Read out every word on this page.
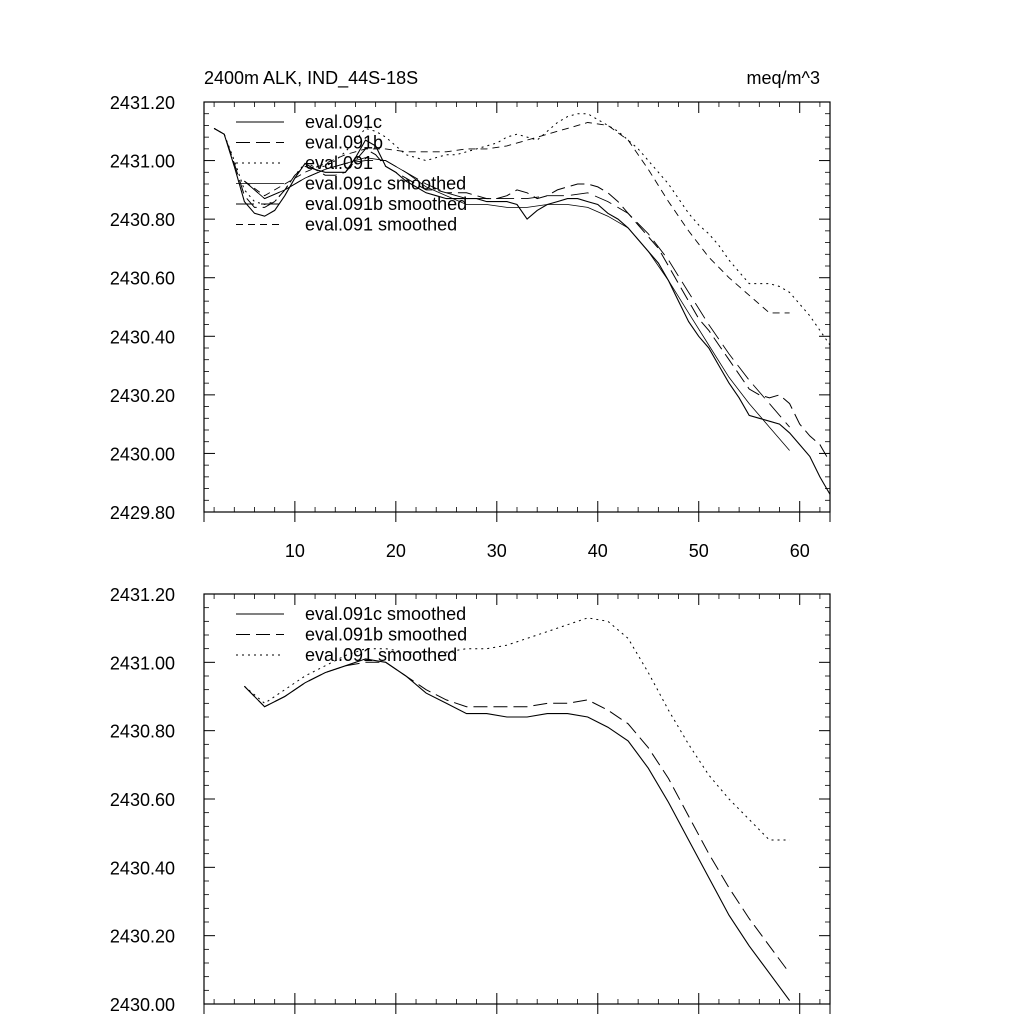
2400m ALK, IND_44S-18S	meq/m^3
10	20	30	40	50	60
2429.80
2430.00
2430.20
2430.40
2430.60
2430.80
2431.00
2431.20
eval.091c
eval.091b
eval.091
eval.091c smoothed
eval.091b smoothed
eval.091 smoothed
2430.00
2430.20
2430.40
2430.60
2430.80
2431.00
2431.20
eval.091c smoothed
eval.091b smoothed
eval.091 smoothed
